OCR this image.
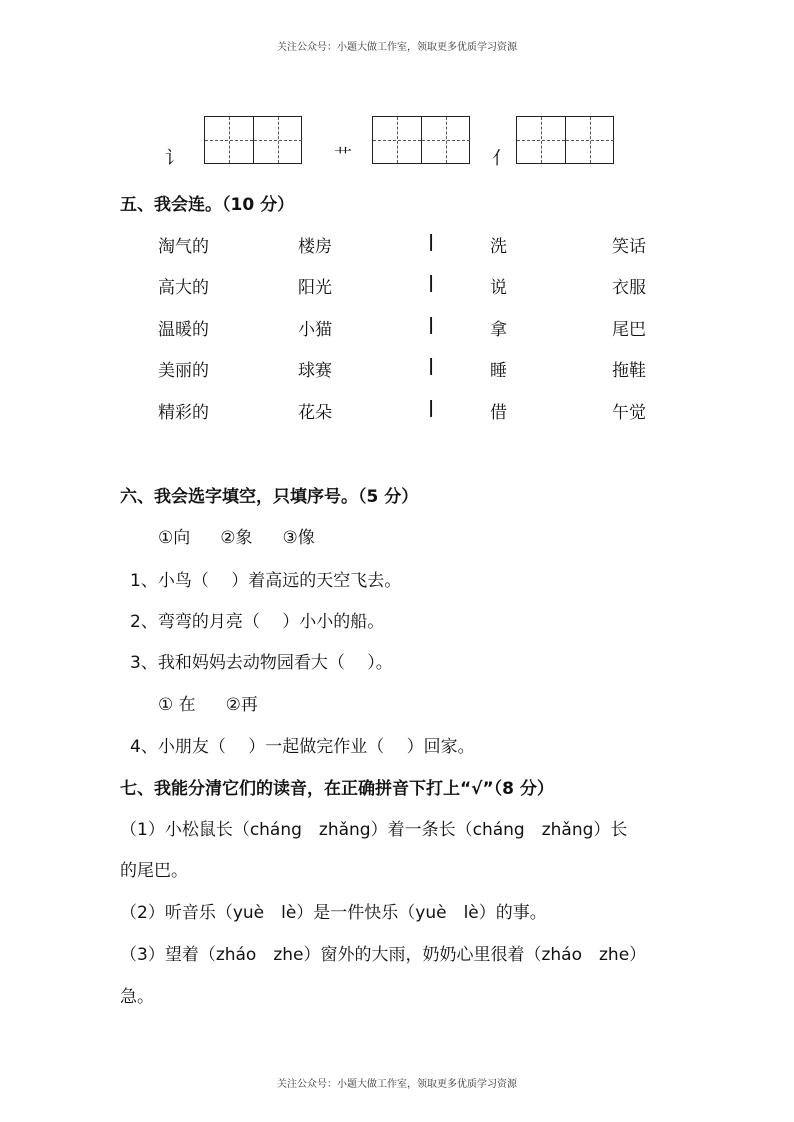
关注公众号：小题大做工作室，领取更多优质学习资源
讠	艹	亻
五、我会连。（10 分）
淘气的	楼房	|	洗	笑话
高大的	阳光	|	说	衣服
温暖的	小猫	|	拿	尾巴
美丽的	球赛	|	睡	拖鞋
精彩的	花朵	|	借	午觉
六、我会选字填空，只填序号。（5 分）
①向 ②象 ③像
1、小鸟（　 ）着高远的天空飞去。
2、弯弯的月亮（　 ）小小的船。
3、我和妈妈去动物园看大（　 ）。
① 在 ②再
4、小朋友（　 ）一起做完作业（　 ）回家。
七、我能分清它们的读音，在正确拼音下打上“√”（8 分）
（1）小松鼠长（cháng　zhǎng）着一条长（cháng　zhǎng）长
的尾巴。
（2）听音乐（yuè　lè）是一件快乐（yuè　lè）的事。
（3）望着（zháo　zhe）窗外的大雨，奶奶心里很着（zháo　zhe）
急。
关注公众号：小题大做工作室，领取更多优质学习资源
